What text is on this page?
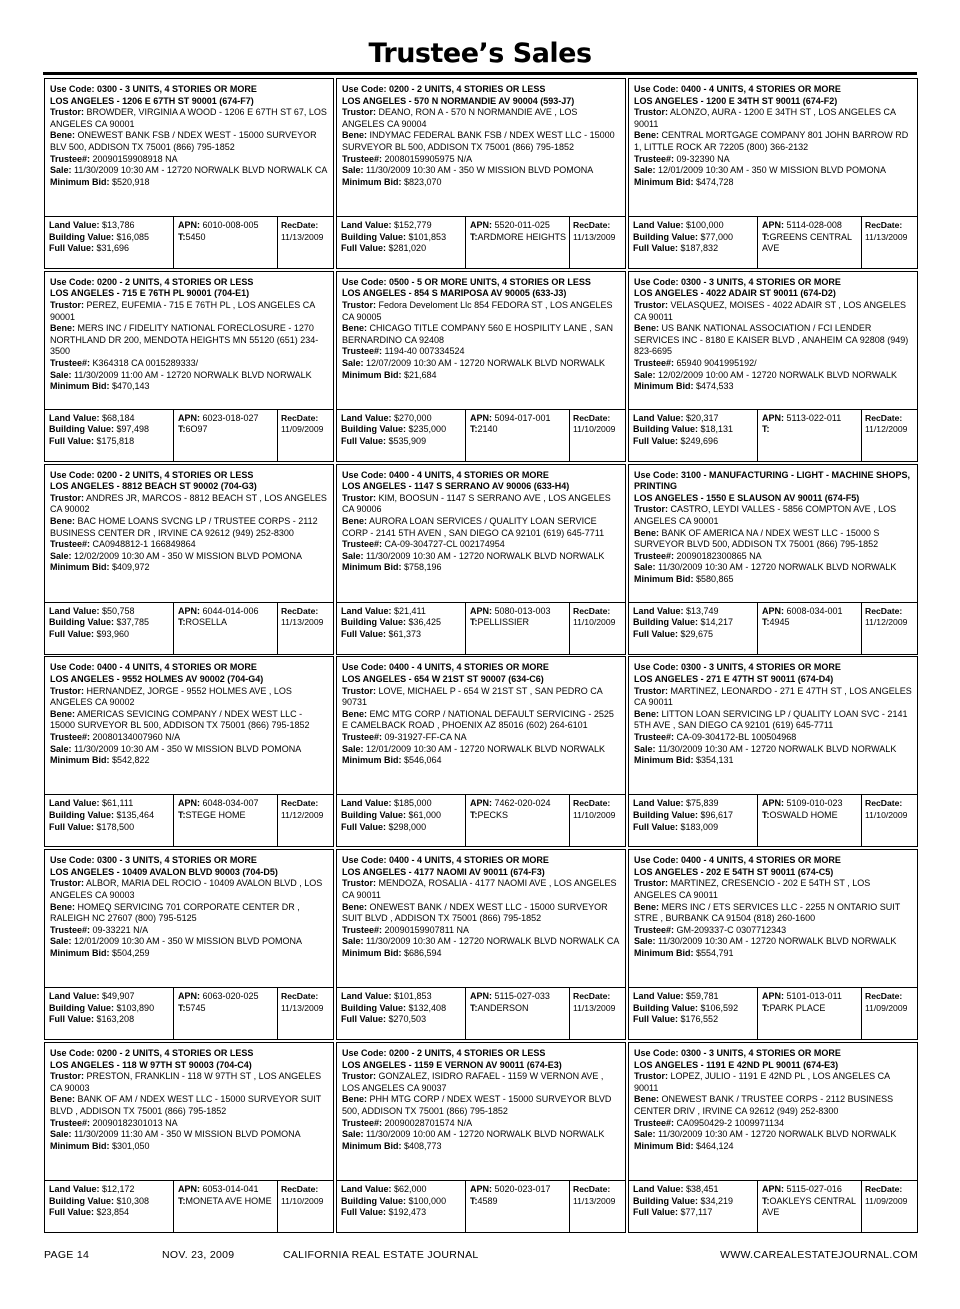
Trustee’s Sales
Use Code: 0300 - 3 UNITS, 4 STORIES OR MORE
LOS ANGELES - 1206 E 67TH ST 90001 (674-F7)
Trustor: BROWDER, VIRGINIA A WOOD - 1206 E 67TH ST 67, LOS ANGELES CA 90001
Bene: ONEWEST BANK FSB / NDEX WEST - 15000 SURVEYOR BLV 500, ADDISON TX 75001 (866) 795-1852
Trustee#: 20090159908918 NA
Sale: 11/30/2009 10:30 AM - 12720 NORWALK BLVD NORWALK CA
Minimum Bid: $520,918
Land Value: $13,786
Building Value: $16,085
Full Value: $31,696
APN: 6010-008-005
T:5450
RecDate:
11/13/2009
Use Code: 0200 - 2 UNITS, 4 STORIES OR LESS
LOS ANGELES - 570 N NORMANDIE AV 90004 (593-J7)
Trustor: DEANO, RON A - 570 N NORMANDIE AVE , LOS ANGELES CA 90004
Bene: INDYMAC FEDERAL BANK FSB / NDEX WEST LLC - 15000 SURVEYOR BL 500, ADDISON TX 75001 (866) 795-1852
Trustee#: 20080159905975 N/A
Sale: 11/30/2009 10:30 AM - 350 W MISSION BLVD POMONA
Minimum Bid: $823,070
Land Value: $152,779
Building Value: $101,853
Full Value: $281,020
APN: 5520-011-025
T:ARDMORE HEIGHTS
RecDate:
11/13/2009
Use Code: 0400 - 4 UNITS, 4 STORIES OR MORE
LOS ANGELES - 1200 E 34TH ST 90011 (674-F2)
Trustor: ALONZO, AURA - 1200 E 34TH ST , LOS ANGELES CA 90011
Bene: CENTRAL MORTGAGE COMPANY 801 JOHN BARROW RD 1, LITTLE ROCK AR 72205 (800) 366-2132
Trustee#: 09-32390 NA
Sale: 12/01/2009 10:30 AM - 350 W MISSION BLVD POMONA
Minimum Bid: $474,728
Land Value: $100,000
Building Value: $77,000
Full Value: $187,832
APN: 5114-028-008
T:GREENS CENTRAL AVE
RecDate:
11/13/2009
Use Code: 0200 - 2 UNITS, 4 STORIES OR LESS
LOS ANGELES - 715 E 76TH PL 90001 (704-E1)
Trustor: PEREZ, EUFEMIA - 715 E 76TH PL , LOS ANGELES CA 90001
Bene: MERS INC / FIDELITY NATIONAL FORECLOSURE - 1270 NORTHLAND DR 200, MENDOTA HEIGHTS MN 55120 (651) 234-3500
Trustee#: K364318 CA 0015289333/
Sale: 11/30/2009 11:00 AM - 12720 NORWALK BLVD NORWALK
Minimum Bid: $470,143
Land Value: $68,184
Building Value: $97,498
Full Value: $175,818
APN: 6023-018-027
T:6O97
RecDate:
11/09/2009
Use Code: 0500 - 5 OR MORE UNITS, 4 STORIES OR LESS
LOS ANGELES - 854 S MARIPOSA AV 90005 (633-J3)
Trustor: Fedora Develoment Llc 854 FEDORA ST , LOS ANGELES CA 90005
Bene: CHICAGO TITLE COMPANY 560 E HOSPILITY LANE , SAN BERNARDINO CA 92408
Trustee#: 1194-40 007334524
Sale: 12/07/2009 10:30 AM - 12720 NORWALK BLVD NORWALK
Minimum Bid: $21,684
Land Value: $270,000
Building Value: $235,000
Full Value: $535,909
APN: 5094-017-001
T:2140
RecDate:
11/10/2009
Use Code: 0300 - 3 UNITS, 4 STORIES OR MORE
LOS ANGELES - 4022 ADAIR ST 90011 (674-D2)
Trustor: VELASQUEZ, MOISES - 4022 ADAIR ST , LOS ANGELES CA 90011
Bene: US BANK NATIONAL ASSOCIATION / FCI LENDER SERVICES INC - 8180 E KAISER BLVD , ANAHEIM CA 92808 (949) 823-6695
Trustee#: 65940 9041995192/
Sale: 12/02/2009 10:00 AM - 12720 NORWALK BLVD NORWALK
Minimum Bid: $474,533
Land Value: $20,317
Building Value: $18,131
Full Value: $249,696
APN: 5113-022-011
T:
RecDate:
11/12/2009
Use Code: 0200 - 2 UNITS, 4 STORIES OR LESS
LOS ANGELES - 8812 BEACH ST 90002 (704-G3)
Trustor: ANDRES JR, MARCOS - 8812 BEACH ST , LOS ANGELES CA 90002
Bene: BAC HOME LOANS SVCNG LP / TRUSTEE CORPS - 2112 BUSINESS CENTER DR , IRVINE CA 92612 (949) 252-8300
Trustee#: CA0948812-1 166849864
Sale: 12/02/2009 10:30 AM - 350 W MISSION BLVD POMONA
Minimum Bid: $409,972
Land Value: $50,758
Building Value: $37,785
Full Value: $93,960
APN: 6044-014-006
T:ROSELLA
RecDate:
11/13/2009
Use Code: 0400 - 4 UNITS, 4 STORIES OR MORE
LOS ANGELES - 1147 S SERRANO AV 90006 (633-H4)
Trustor: KIM, BOOSUN - 1147 S SERRANO AVE , LOS ANGELES CA 90006
Bene: AURORA LOAN SERVICES / QUALITY LOAN SERVICE CORP - 2141 5TH AVEN , SAN DIEGO CA 92101 (619) 645-7711
Trustee#: CA-09-304727-CL 002174954
Sale: 11/30/2009 10:30 AM - 12720 NORWALK BLVD NORWALK
Minimum Bid: $758,196
Land Value: $21,411
Building Value: $36,425
Full Value: $61,373
APN: 5080-013-003
T:PELLISSIER
RecDate:
11/10/2009
Use Code: 3100 - MANUFACTURING - LIGHT - MACHINE SHOPS, PRINTING
LOS ANGELES - 1550 E SLAUSON AV 90011 (674-F5)
Trustor: CASTRO, LEYDI VALLES - 5856 COMPTON AVE , LOS ANGELES CA 90001
Bene: BANK OF AMERICA NA / NDEX WEST LLC - 15000 S SURVEYOR BLVD 500, ADDISON TX 75001 (866) 795-1852
Trustee#: 20090182300865 NA
Sale: 11/30/2009 10:30 AM - 12720 NORWALK BLVD NORWALK
Minimum Bid: $580,865
Land Value: $13,749
Building Value: $14,217
Full Value: $29,675
APN: 6008-034-001
T:4945
RecDate:
11/12/2009
Use Code: 0400 - 4 UNITS, 4 STORIES OR MORE
LOS ANGELES - 9552 HOLMES AV 90002 (704-G4)
Trustor: HERNANDEZ, JORGE - 9552 HOLMES AVE , LOS ANGELES CA 90002
Bene: AMERICAS SEVICING COMPANY / NDEX WEST LLC - 15000 SURVEYOR BL 500, ADDISON TX 75001 (866) 795-1852
Trustee#: 20080134007960 N/A
Sale: 11/30/2009 10:30 AM - 350 W MISSION BLVD POMONA
Minimum Bid: $542,822
Land Value: $61,111
Building Value: $135,464
Full Value: $178,500
APN: 6048-034-007
T:STEGE HOME
RecDate:
11/12/2009
Use Code: 0400 - 4 UNITS, 4 STORIES OR MORE
LOS ANGELES - 654 W 21ST ST 90007 (634-C6)
Trustor: LOVE, MICHAEL P - 654 W 21ST ST , SAN PEDRO CA 90731
Bene: EMC MTG CORP / NATIONAL DEFAULT SERVICING - 2525 E CAMELBACK ROAD , PHOENIX AZ 85016 (602) 264-6101
Trustee#: 09-31927-FF-CA NA
Sale: 12/01/2009 10:30 AM - 12720 NORWALK BLVD NORWALK
Minimum Bid: $546,064
Land Value: $185,000
Building Value: $61,000
Full Value: $298,000
APN: 7462-020-024
T:PECKS
RecDate:
11/10/2009
Use Code: 0300 - 3 UNITS, 4 STORIES OR MORE
LOS ANGELES - 271 E 47TH ST 90011 (674-D4)
Trustor: MARTINEZ, LEONARDO - 271 E 47TH ST , LOS ANGELES CA 90011
Bene: LITTON LOAN SERVICING LP / QUALITY LOAN SVC - 2141 5TH AVE , SAN DIEGO CA 92101 (619) 645-7711
Trustee#: CA-09-304172-BL 100504968
Sale: 11/30/2009 10:30 AM - 12720 NORWALK BLVD NORWALK
Minimum Bid: $354,131
Land Value: $75,839
Building Value: $96,617
Full Value: $183,009
APN: 5109-010-023
T:OSWALD HOME
RecDate:
11/10/2009
Use Code: 0300 - 3 UNITS, 4 STORIES OR MORE
LOS ANGELES - 10409 AVALON BLVD 90003 (704-D5)
Trustor: ALBOR, MARIA DEL ROCIO - 10409 AVALON BLVD , LOS ANGELES CA 90003
Bene: HOMEQ SERVICING 701 CORPORATE CENTER DR , RALEIGH NC 27607 (800) 795-5125
Trustee#: 09-33221 N/A
Sale: 12/01/2009 10:30 AM - 350 W MISSION BLVD POMONA
Minimum Bid: $504,259
Land Value: $49,907
Building Value: $103,890
Full Value: $163,208
APN: 6063-020-025
T:5745
RecDate:
11/13/2009
Use Code: 0400 - 4 UNITS, 4 STORIES OR MORE
LOS ANGELES - 4177 NAOMI AV 90011 (674-F3)
Trustor: MENDOZA, ROSALIA - 4177 NAOMI AVE , LOS ANGELES CA 90011
Bene: ONEWEST BANK / NDEX WEST LLC - 15000 SURVEYOR SUIT BLVD , ADDISON TX 75001 (866) 795-1852
Trustee#: 20090159907811 NA
Sale: 11/30/2009 10:30 AM - 12720 NORWALK BLVD NORWALK CA
Minimum Bid: $686,594
Land Value: $101,853
Building Value: $132,408
Full Value: $270,503
APN: 5115-027-033
T:ANDERSON
RecDate:
11/13/2009
Use Code: 0400 - 4 UNITS, 4 STORIES OR MORE
LOS ANGELES - 202 E 54TH ST 90011 (674-C5)
Trustor: MARTINEZ, CRESENCIO - 202 E 54TH ST , LOS ANGELES CA 90011
Bene: MERS INC / ETS SERVICES LLC - 2255 N ONTARIO SUIT STRE , BURBANK CA 91504 (818) 260-1600
Trustee#: GM-209337-C 0307712343
Sale: 11/30/2009 10:30 AM - 12720 NORWALK BLVD NORWALK
Minimum Bid: $554,791
Land Value: $59,781
Building Value: $106,592
Full Value: $176,552
APN: 5101-013-011
T:PARK PLACE
RecDate:
11/09/2009
Use Code: 0200 - 2 UNITS, 4 STORIES OR LESS
LOS ANGELES - 118 W 97TH ST 90003 (704-C4)
Trustor: PRESTON, FRANKLIN - 118 W 97TH ST , LOS ANGELES CA 90003
Bene: BANK OF AM / NDEX WEST LLC - 15000 SURVEYOR SUIT BLVD , ADDISON TX 75001 (866) 795-1852
Trustee#: 20090182301013 NA
Sale: 11/30/2009 11:30 AM - 350 W MISSION BLVD POMONA
Minimum Bid: $301,050
Land Value: $12,172
Building Value: $10,308
Full Value: $23,854
APN: 6053-014-041
T:MONETA AVE HOME
RecDate:
11/10/2009
Use Code: 0200 - 2 UNITS, 4 STORIES OR LESS
LOS ANGELES - 1159 E VERNON AV 90011 (674-E3)
Trustor: GONZALEZ, ISIDRO RAFAEL - 1159 W VERNON AVE , LOS ANGELES CA 90037
Bene: PHH MTG CORP / NDEX WEST - 15000 SURVEYOR BLVD 500, ADDISON TX 75001 (866) 795-1852
Trustee#: 20090028701574 N/A
Sale: 11/30/2009 10:00 AM - 12720 NORWALK BLVD NORWALK
Minimum Bid: $408,773
Land Value: $62,000
Building Value: $100,000
Full Value: $192,473
APN: 5020-023-017
T:4589
RecDate:
11/13/2009
Use Code: 0300 - 3 UNITS, 4 STORIES OR MORE
LOS ANGELES - 1191 E 42ND PL 90011 (674-E3)
Trustor: LOPEZ, JULIO - 1191 E 42ND PL , LOS ANGELES CA 90011
Bene: ONEWEST BANK / TRUSTEE CORPS - 2112 BUSINESS CENTER DRIV , IRVINE CA 92612 (949) 252-8300
Trustee#: CA0950429-2 1009971134
Sale: 11/30/2009 10:30 AM - 12720 NORWALK BLVD NORWALK
Minimum Bid: $464,124
Land Value: $38,451
Building Value: $34,219
Full Value: $77,117
APN: 5115-027-016
T:OAKLEYS CENTRAL AVE
RecDate:
11/09/2009
PAGE 14	NOV. 23, 2009	CALIFORNIA REAL ESTATE JOURNAL	WWW.CAREALESTATEJOURNAL.COM
